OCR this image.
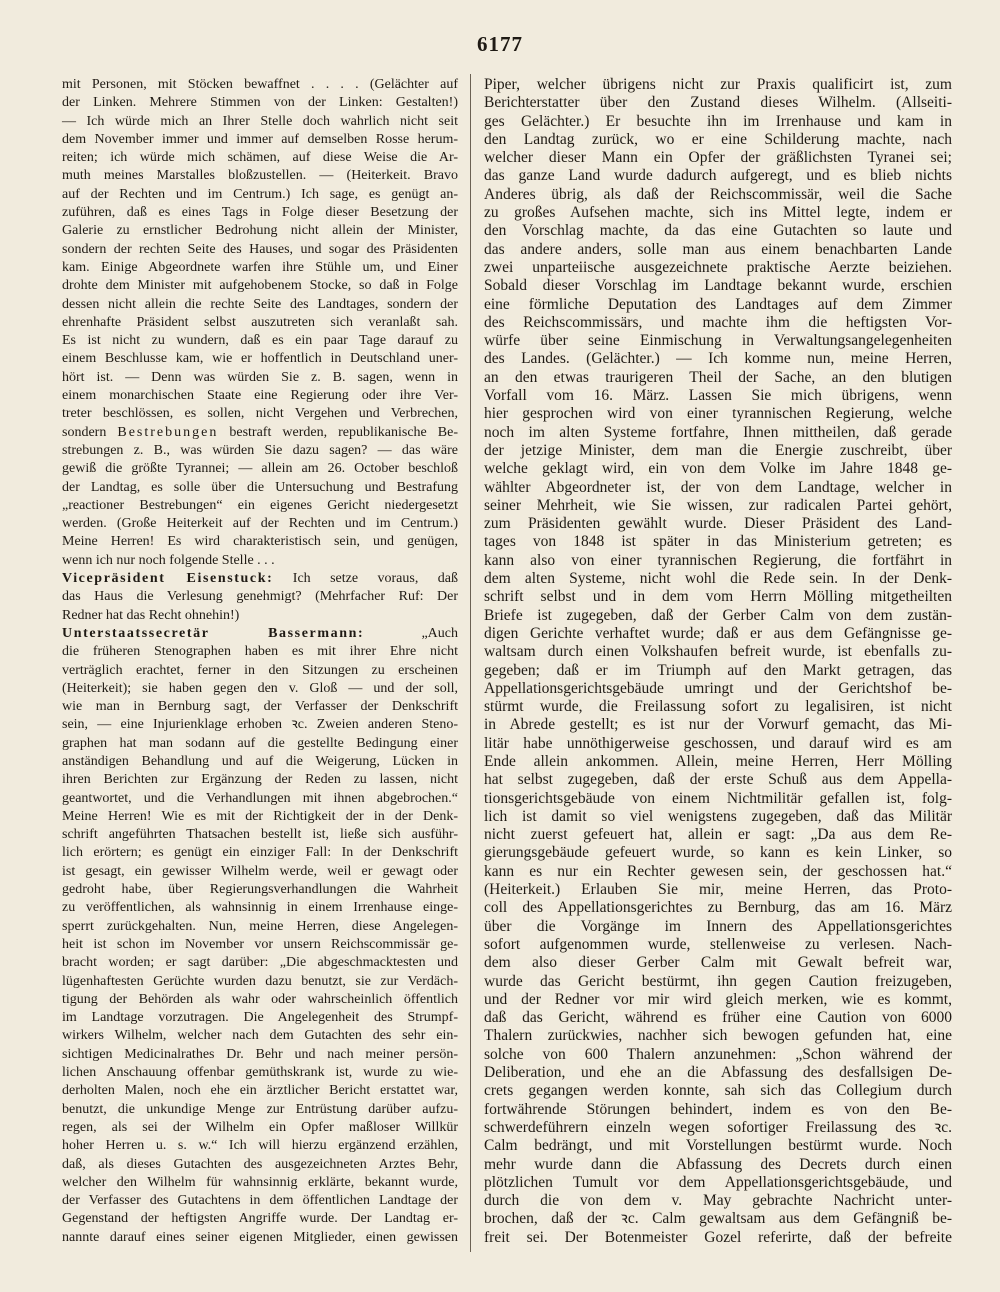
6177
mit Personen, mit Stöcken bewaffnet . . . . (Gelächter auf
der Linken. Mehrere Stimmen von der Linken: Gestalten!)
— Ich würde mich an Ihrer Stelle doch wahrlich nicht seit
dem November immer und immer auf demselben Rosse herum-
reiten; ich würde mich schämen, auf diese Weise die Ar-
muth meines Marstalles bloßzustellen. — (Heiterkeit. Bravo
auf der Rechten und im Centrum.) Ich sage, es genügt an-
zuführen, daß es eines Tags in Folge dieser Besetzung der
Galerie zu ernstlicher Bedrohung nicht allein der Minister,
sondern der rechten Seite des Hauses, und sogar des Präsidenten
kam. Einige Abgeordnete warfen ihre Stühle um, und Einer
drohte dem Minister mit aufgehobenem Stocke, so daß in Folge
dessen nicht allein die rechte Seite des Landtages, sondern der
ehrenhafte Präsident selbst auszutreten sich veranlaßt sah.
Es ist nicht zu wundern, daß es ein paar Tage darauf zu
einem Beschlusse kam, wie er hoffentlich in Deutschland uner-
hört ist. — Denn was würden Sie z. B. sagen, wenn in
einem monarchischen Staate eine Regierung oder ihre Ver-
treter beschlössen, es sollen, nicht Vergehen und Verbrechen,
sondern Bestrebungen bestraft werden, republikanische Be-
strebungen z. B., was würden Sie dazu sagen? — das wäre
gewiß die größte Tyrannei; — allein am 26. October beschloß
der Landtag, es solle über die Untersuchung und Bestrafung
„reactioner Bestrebungen“ ein eigenes Gericht niedergesetzt
werden. (Große Heiterkeit auf der Rechten und im Centrum.)
Meine Herren! Es wird charakteristisch sein, und genügen,
wenn ich nur noch folgende Stelle . . .
Vicepräsident Eisenstuck: Ich setze voraus, daß
das Haus die Verlesung genehmigt? (Mehrfacher Ruf: Der
Redner hat das Recht ohnehin!)
Unterstaatssecretär Bassermann: „Auch
die früheren Stenographen haben es mit ihrer Ehre nicht
verträglich erachtet, ferner in den Sitzungen zu erscheinen
(Heiterkeit); sie haben gegen den v. Gloß — und der soll,
wie man in Bernburg sagt, der Verfasser der Denkschrift
sein, — eine Injurienklage erhoben ꝛc. Zweien anderen Steno-
graphen hat man sodann auf die gestellte Bedingung einer
anständigen Behandlung und auf die Weigerung, Lücken in
ihren Berichten zur Ergänzung der Reden zu lassen, nicht
geantwortet, und die Verhandlungen mit ihnen abgebrochen.“
Meine Herren! Wie es mit der Richtigkeit der in der Denk-
schrift angeführten Thatsachen bestellt ist, ließe sich ausführ-
lich erörtern; es genügt ein einziger Fall: In der Denkschrift
ist gesagt, ein gewisser Wilhelm werde, weil er gewagt oder
gedroht habe, über Regierungsverhandlungen die Wahrheit
zu veröffentlichen, als wahnsinnig in einem Irrenhause einge-
sperrt zurückgehalten. Nun, meine Herren, diese Angelegen-
heit ist schon im November vor unsern Reichscommissär ge-
bracht worden; er sagt darüber: „Die abgeschmacktesten und
lügenhaftesten Gerüchte wurden dazu benutzt, sie zur Verdäch-
tigung der Behörden als wahr oder wahrscheinlich öffentlich
im Landtage vorzutragen. Die Angelegenheit des Strumpf-
wirkers Wilhelm, welcher nach dem Gutachten des sehr ein-
sichtigen Medicinalrathes Dr. Behr und nach meiner persön-
lichen Anschauung offenbar gemüthskrank ist, wurde zu wie-
derholten Malen, noch ehe ein ärztlicher Bericht erstattet war,
benutzt, die unkundige Menge zur Entrüstung darüber aufzu-
regen, als sei der Wilhelm ein Opfer maßloser Willkür
hoher Herren u. s. w.“ Ich will hierzu ergänzend erzählen,
daß, als dieses Gutachten des ausgezeichneten Arztes Behr,
welcher den Wilhelm für wahnsinnig erklärte, bekannt wurde,
der Verfasser des Gutachtens in dem öffentlichen Landtage der
Gegenstand der heftigsten Angriffe wurde. Der Landtag er-
nannte darauf eines seiner eigenen Mitglieder, einen gewissen
Piper, welcher übrigens nicht zur Praxis qualificirt ist, zum
Berichterstatter über den Zustand dieses Wilhelm. (Allseiti-
ges Gelächter.) Er besuchte ihn im Irrenhause und kam in
den Landtag zurück, wo er eine Schilderung machte, nach
welcher dieser Mann ein Opfer der gräßlichsten Tyranei sei;
das ganze Land wurde dadurch aufgeregt, und es blieb nichts
Anderes übrig, als daß der Reichscommissär, weil die Sache
zu großes Aufsehen machte, sich ins Mittel legte, indem er
den Vorschlag machte, da das eine Gutachten so laute und
das andere anders, solle man aus einem benachbarten Lande
zwei unparteiische ausgezeichnete praktische Aerzte beiziehen.
Sobald dieser Vorschlag im Landtage bekannt wurde, erschien
eine förmliche Deputation des Landtages auf dem Zimmer
des Reichscommissärs, und machte ihm die heftigsten Vor-
würfe über seine Einmischung in Verwaltungsangelegenheiten
des Landes. (Gelächter.) — Ich komme nun, meine Herren,
an den etwas traurigeren Theil der Sache, an den blutigen
Vorfall vom 16. März. Lassen Sie mich übrigens, wenn
hier gesprochen wird von einer tyrannischen Regierung, welche
noch im alten Systeme fortfahre, Ihnen mittheilen, daß gerade
der jetzige Minister, dem man die Energie zuschreibt, über
welche geklagt wird, ein von dem Volke im Jahre 1848 ge-
wählter Abgeordneter ist, der von dem Landtage, welcher in
seiner Mehrheit, wie Sie wissen, zur radicalen Partei gehört,
zum Präsidenten gewählt wurde. Dieser Präsident des Land-
tages von 1848 ist später in das Ministerium getreten; es
kann also von einer tyrannischen Regierung, die fortfährt in
dem alten Systeme, nicht wohl die Rede sein. In der Denk-
schrift selbst und in dem vom Herrn Mölling mitgetheilten
Briefe ist zugegeben, daß der Gerber Calm von dem zustän-
digen Gerichte verhaftet wurde; daß er aus dem Gefängnisse ge-
waltsam durch einen Volkshaufen befreit wurde, ist ebenfalls zu-
gegeben; daß er im Triumph auf den Markt getragen, das
Appellationsgerichtsgebäude umringt und der Gerichtshof be-
stürmt wurde, die Freilassung sofort zu legalisiren, ist nicht
in Abrede gestellt; es ist nur der Vorwurf gemacht, das Mi-
litär habe unnöthigerweise geschossen, und darauf wird es am
Ende allein ankommen. Allein, meine Herren, Herr Mölling
hat selbst zugegeben, daß der erste Schuß aus dem Appella-
tionsgerichtsgebäude von einem Nichtmilitär gefallen ist, folg-
lich ist damit so viel wenigstens zugegeben, daß das Militär
nicht zuerst gefeuert hat, allein er sagt: „Da aus dem Re-
gierungsgebäude gefeuert wurde, so kann es kein Linker, so
kann es nur ein Rechter gewesen sein, der geschossen hat.“
(Heiterkeit.) Erlauben Sie mir, meine Herren, das Proto-
coll des Appellationsgerichtes zu Bernburg, das am 16. März
über die Vorgänge im Innern des Appellationsgerichtes
sofort aufgenommen wurde, stellenweise zu verlesen. Nach-
dem also dieser Gerber Calm mit Gewalt befreit war,
wurde das Gericht bestürmt, ihn gegen Caution freizugeben,
und der Redner vor mir wird gleich merken, wie es kommt,
daß das Gericht, während es früher eine Caution von 6000
Thalern zurückwies, nachher sich bewogen gefunden hat, eine
solche von 600 Thalern anzunehmen: „Schon während der
Deliberation, und ehe an die Abfassung des desfallsigen De-
crets gegangen werden konnte, sah sich das Collegium durch
fortwährende Störungen behindert, indem es von den Be-
schwerdeführern einzeln wegen sofortiger Freilassung des ꝛc.
Calm bedrängt, und mit Vorstellungen bestürmt wurde. Noch
mehr wurde dann die Abfassung des Decrets durch einen
plötzlichen Tumult vor dem Appellationsgerichtsgebäude, und
durch die von dem v. May gebrachte Nachricht unter-
brochen, daß der ꝛc. Calm gewaltsam aus dem Gefängniß be-
freit sei. Der Botenmeister Gozel referirte, daß der befreite
